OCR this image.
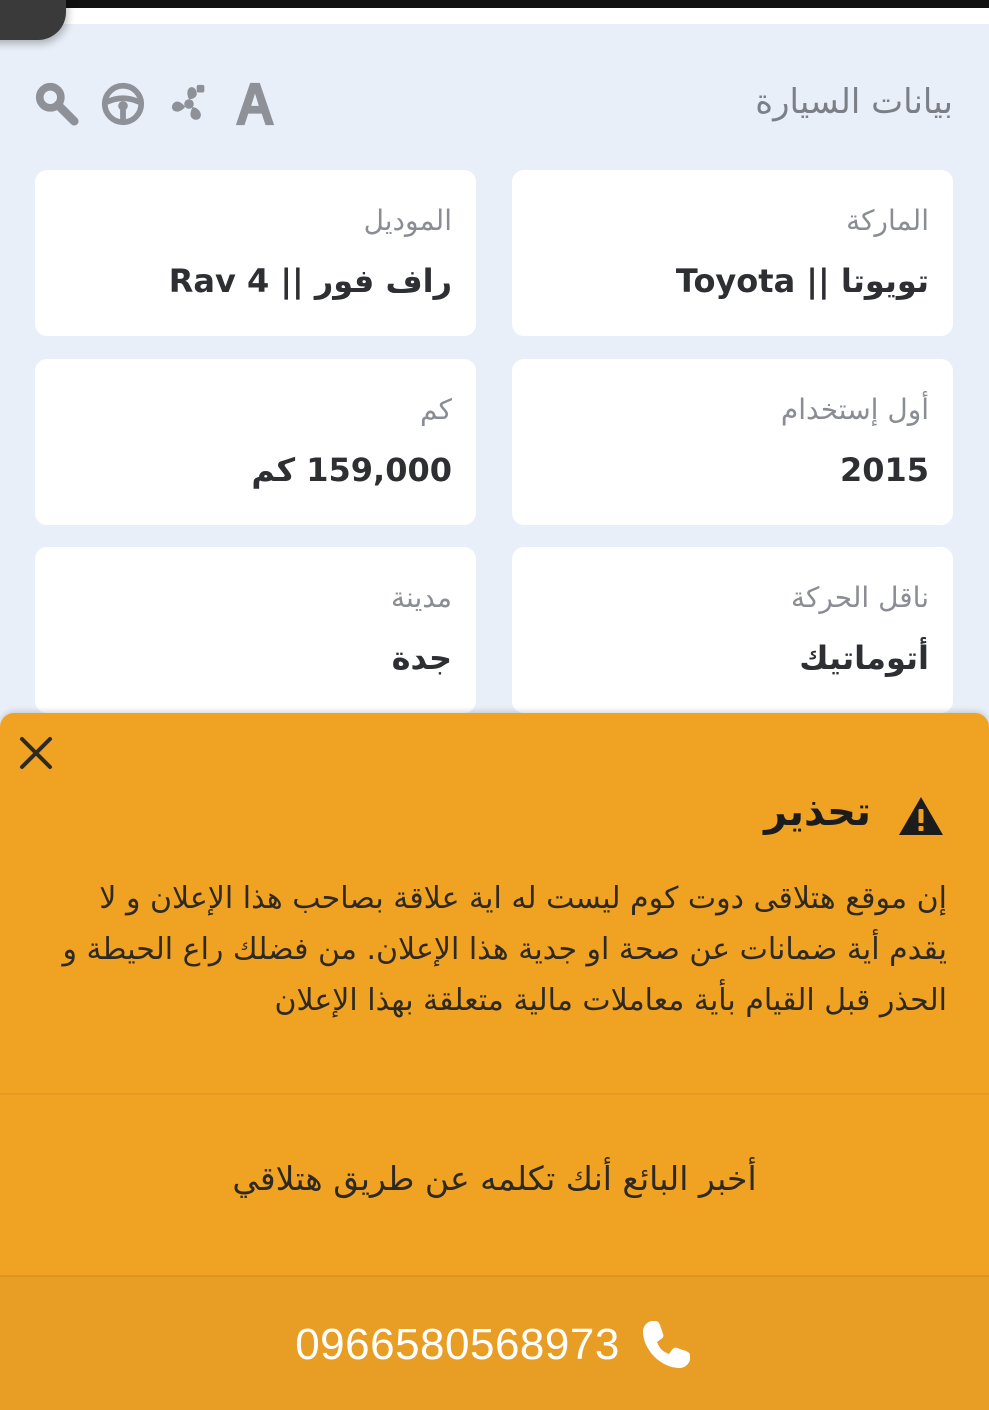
بيانات السيارة
الماركة
تويوتا || Toyota
الموديل
راف فور || Rav 4
أول إستخدام
2015
كم
159,000 كم
ناقل الحركة
أتوماتيك
مدينة
جدة
تحذير
إن موقع هتلاقى دوت كوم ليست له اية علاقة بصاحب هذا الإعلان و لا يقدم أية ضمانات عن صحة او جدية هذا الإعلان. من فضلك راع الحيطة و الحذر قبل القيام بأية معاملات مالية متعلقة بهذا الإعلان
أخبر البائع أنك تكلمه عن طريق هتلاقي
0966580568973
